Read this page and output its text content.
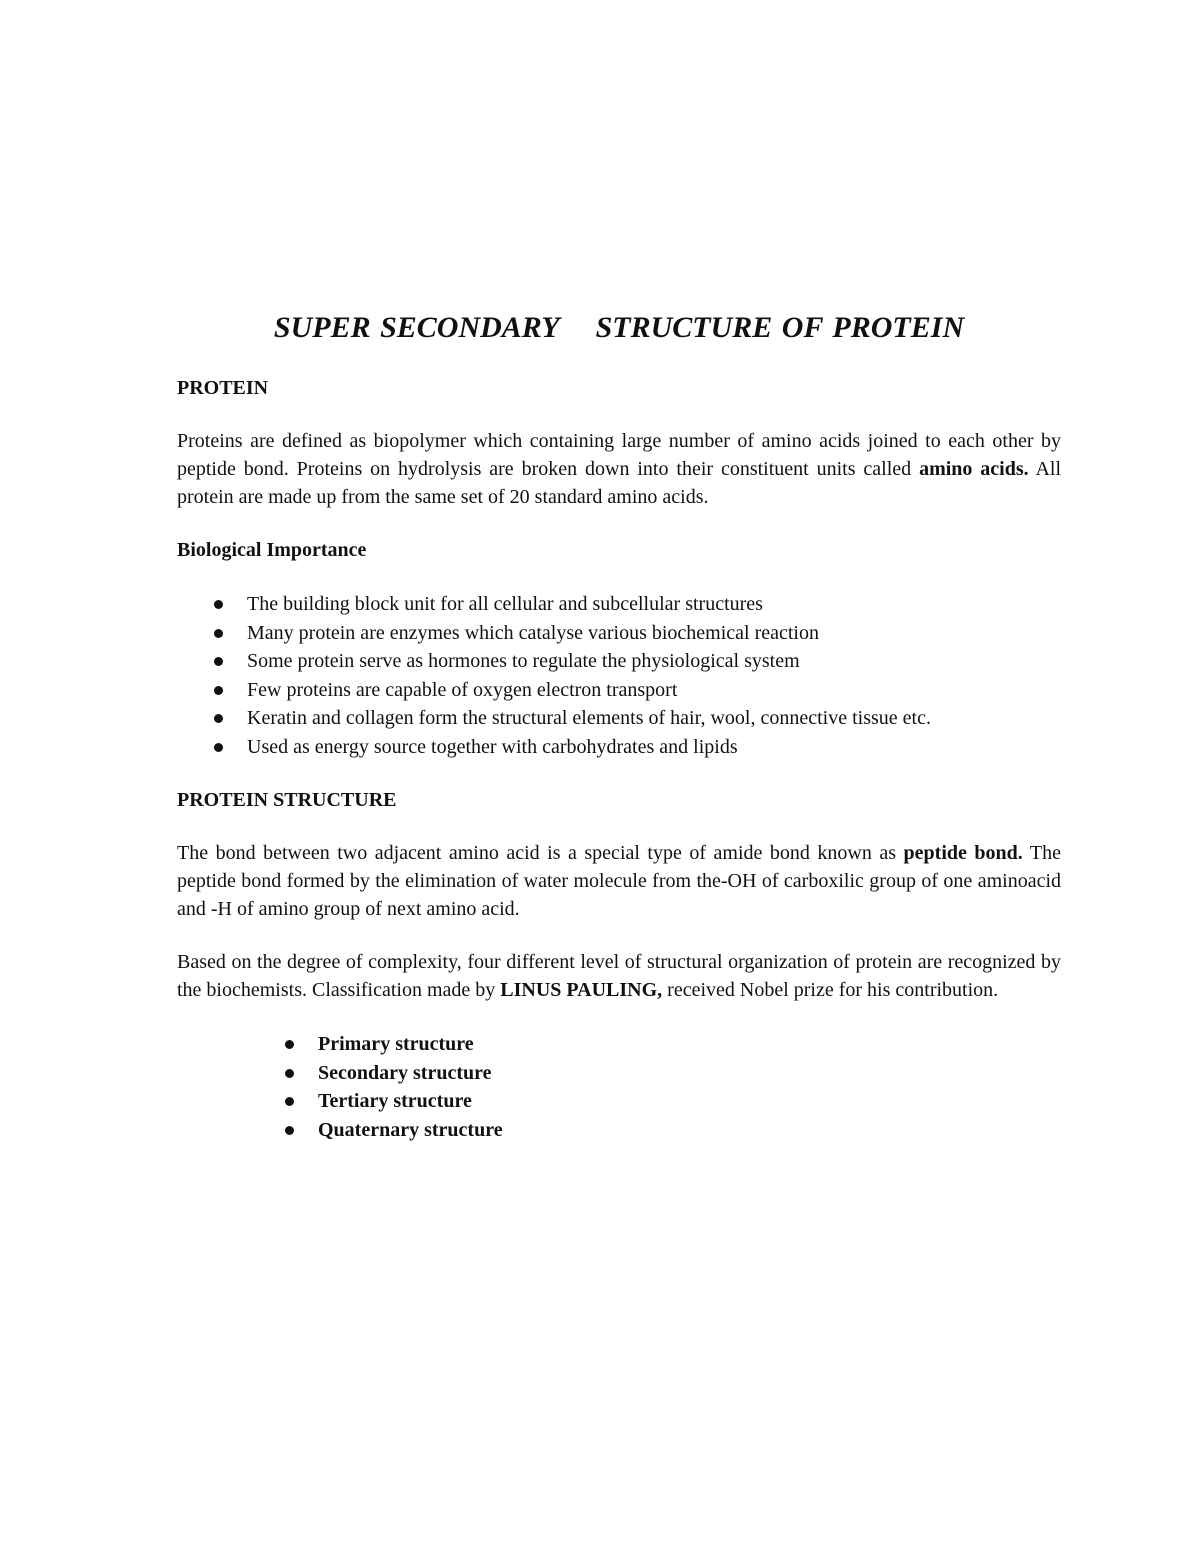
SUPER SECONDARY STRUCTURE OF PROTEIN
PROTEIN

Proteins are defined as biopolymer which containing large number of amino acids joined to each other by peptide bond. Proteins on hydrolysis are broken down into their constituent units called amino acids. All protein are made up from the same set of 20 standard amino acids.

Biological Importance
The building block unit for all cellular and subcellular structures
Many protein are enzymes which catalyse various biochemical reaction
Some protein serve as hormones to regulate the physiological system
Few proteins are capable of oxygen electron transport
Keratin and collagen form the structural elements of hair, wool, connective tissue etc.
Used as energy source together with carbohydrates and lipids
PROTEIN STRUCTURE

The bond between two adjacent amino acid is a special type of amide bond known as peptide bond. The peptide bond formed by the elimination of water molecule from the-OH of carboxilic group of one aminoacid and -H of amino group of next amino acid.

Based on the degree of complexity, four different level of structural organization of protein are recognized by the biochemists. Classification made by LINUS PAULING, received Nobel prize for his contribution.

Primary structure
Secondary structure
Tertiary structure
Quaternary structure
